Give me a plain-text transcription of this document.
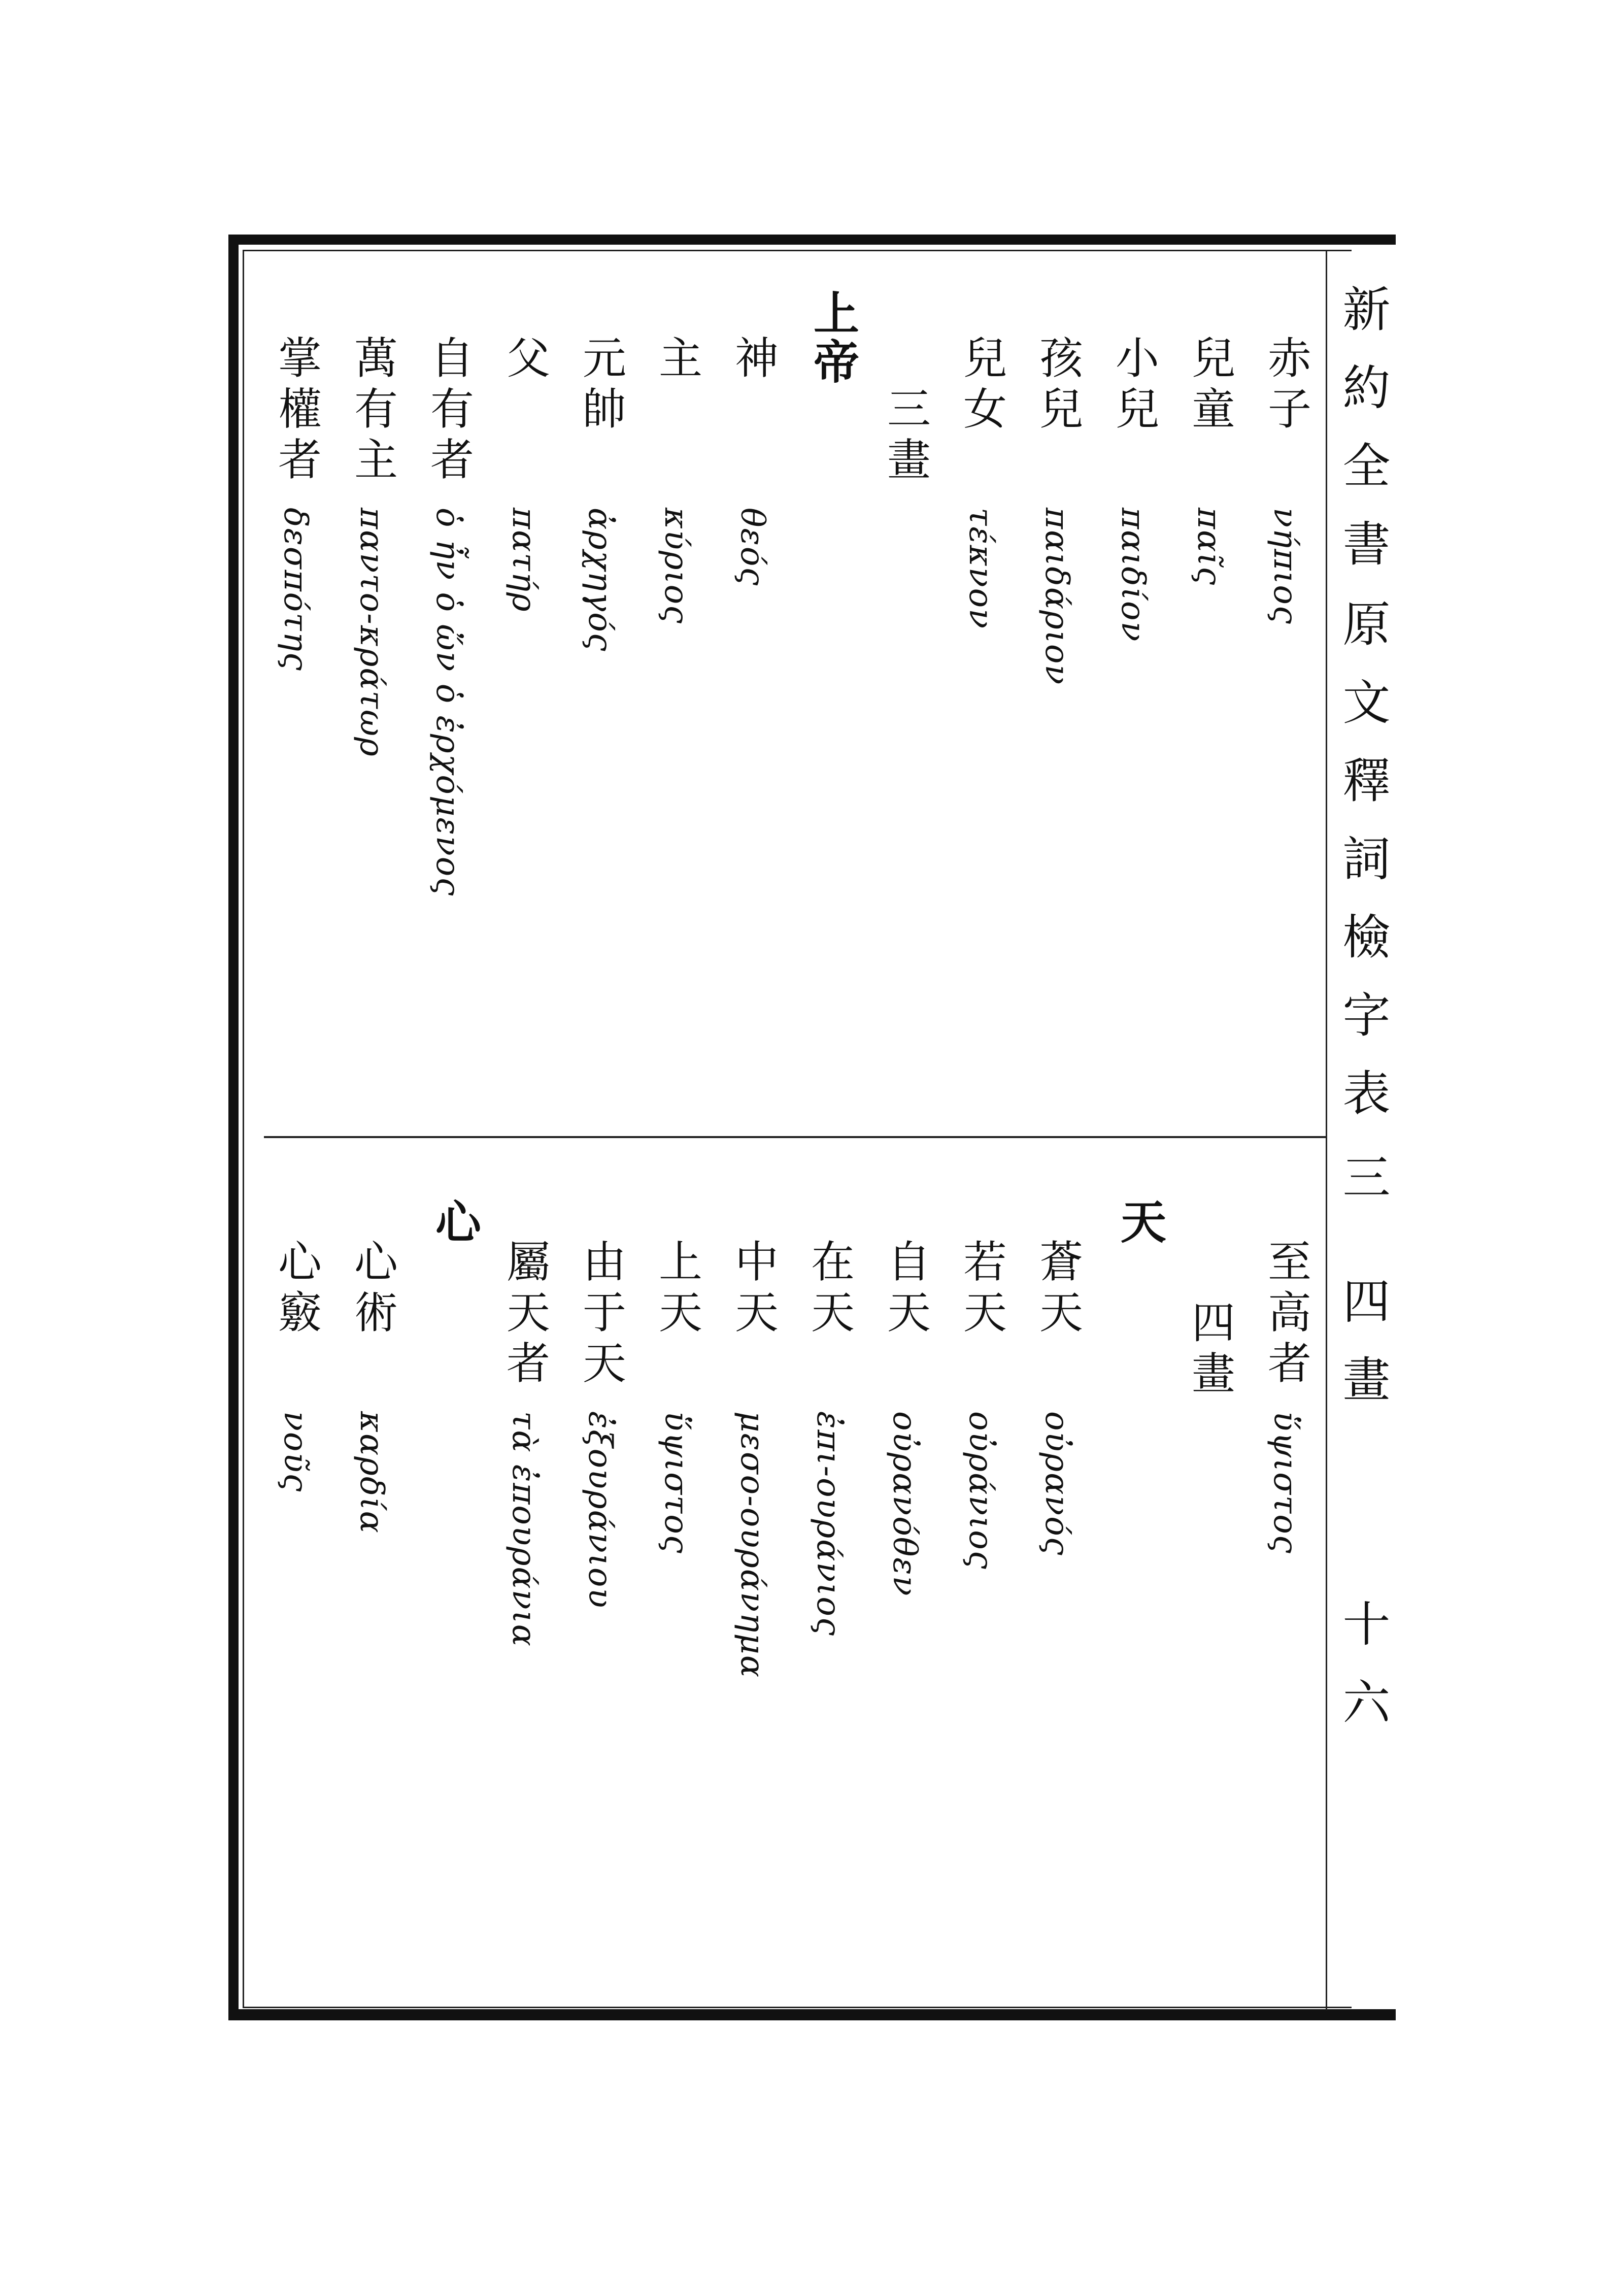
新約全書
原文釋詞檢字表
三 四畫
十六
赤子
νήπιος
兒童
παῖς
小兒
παιδίον
孩兒
παιδάριον
兒女
τέκνον
三畫
上帝
神
θεός
主
κύριος
元帥
ἀρχηγός
父
πατήρ
自有者
ὁ ἦν ὁ ὤν ὁ ἐρχόμενος
萬有主
παντο-κράτωρ
掌權者
δεσπότης
至高者
ὕψιστος
四畫
天
蒼天
οὐρανός
若天
οὐράνιος
自天
οὐρανόθεν
在天
ἐπι-ουράνιος
中天
μεσο-ουράνημα
上天
ὕψιστος
由于天
ἐξουράνιου
屬天者
τὰ ἐπουράνια
心
心術
καρδία
心竅
νοῦς
